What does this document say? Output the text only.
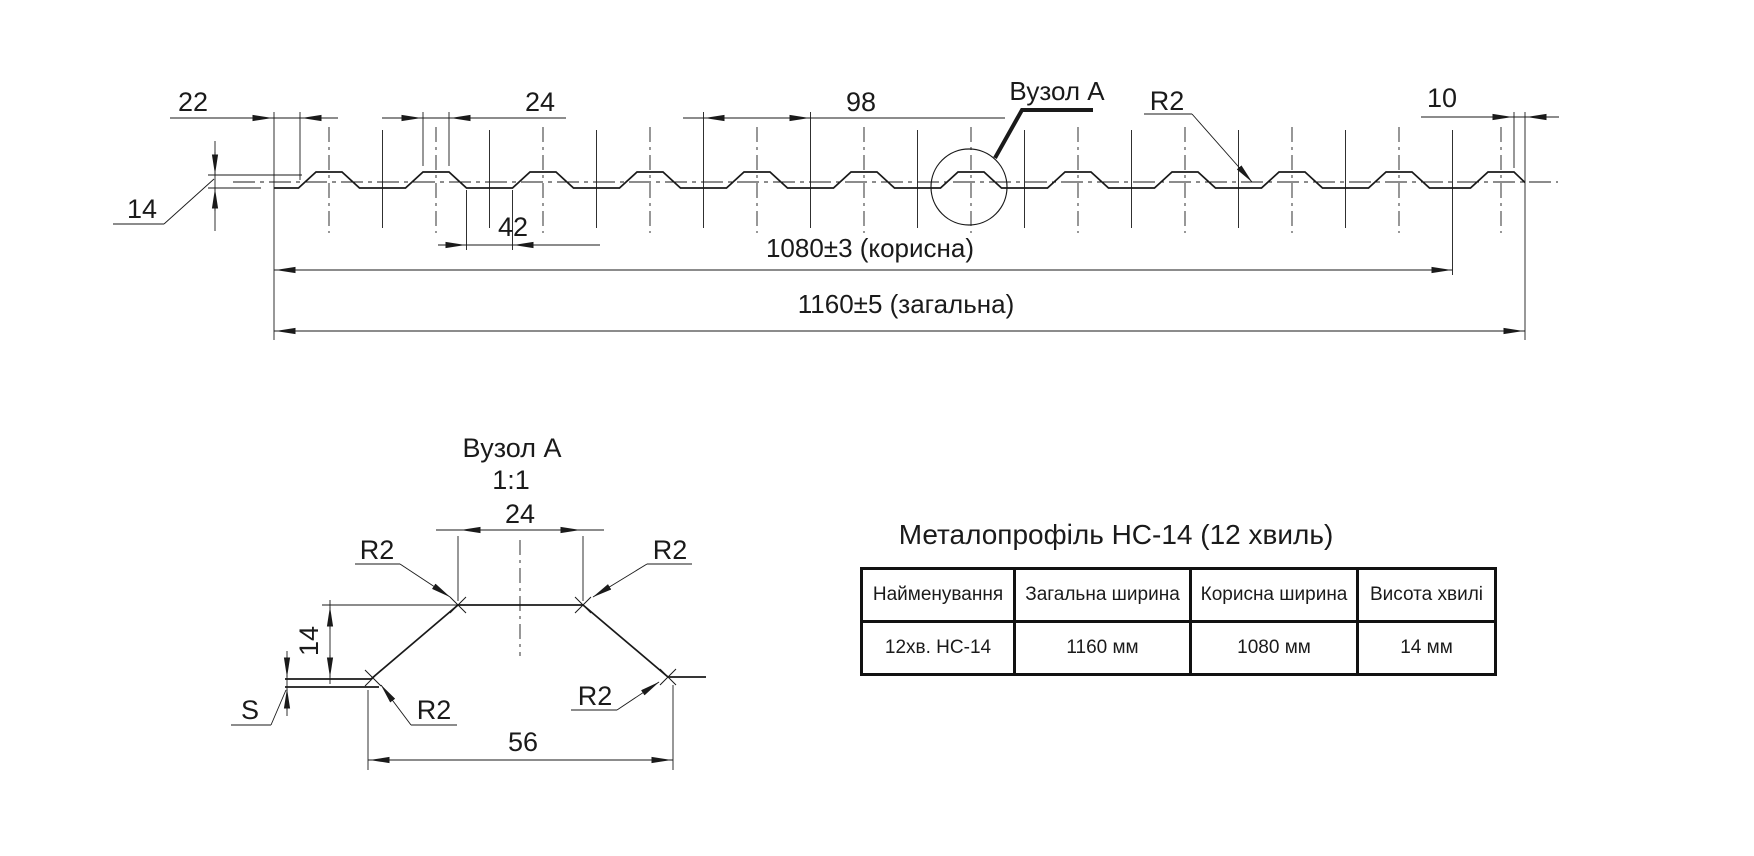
22	24	98	10
14
42
R2
Вузол А
1080±3 (корисна)
1160±5 (загальна)
Вузол А
1:1
24
14
S
R2	R2
R2	R2
56
Металопрофіль НС-14 (12 хвиль)
Найменування	Загальна ширина	Корисна ширина	Висота хвилі
12хв. НС-14	1160 мм	1080 мм	14 мм
